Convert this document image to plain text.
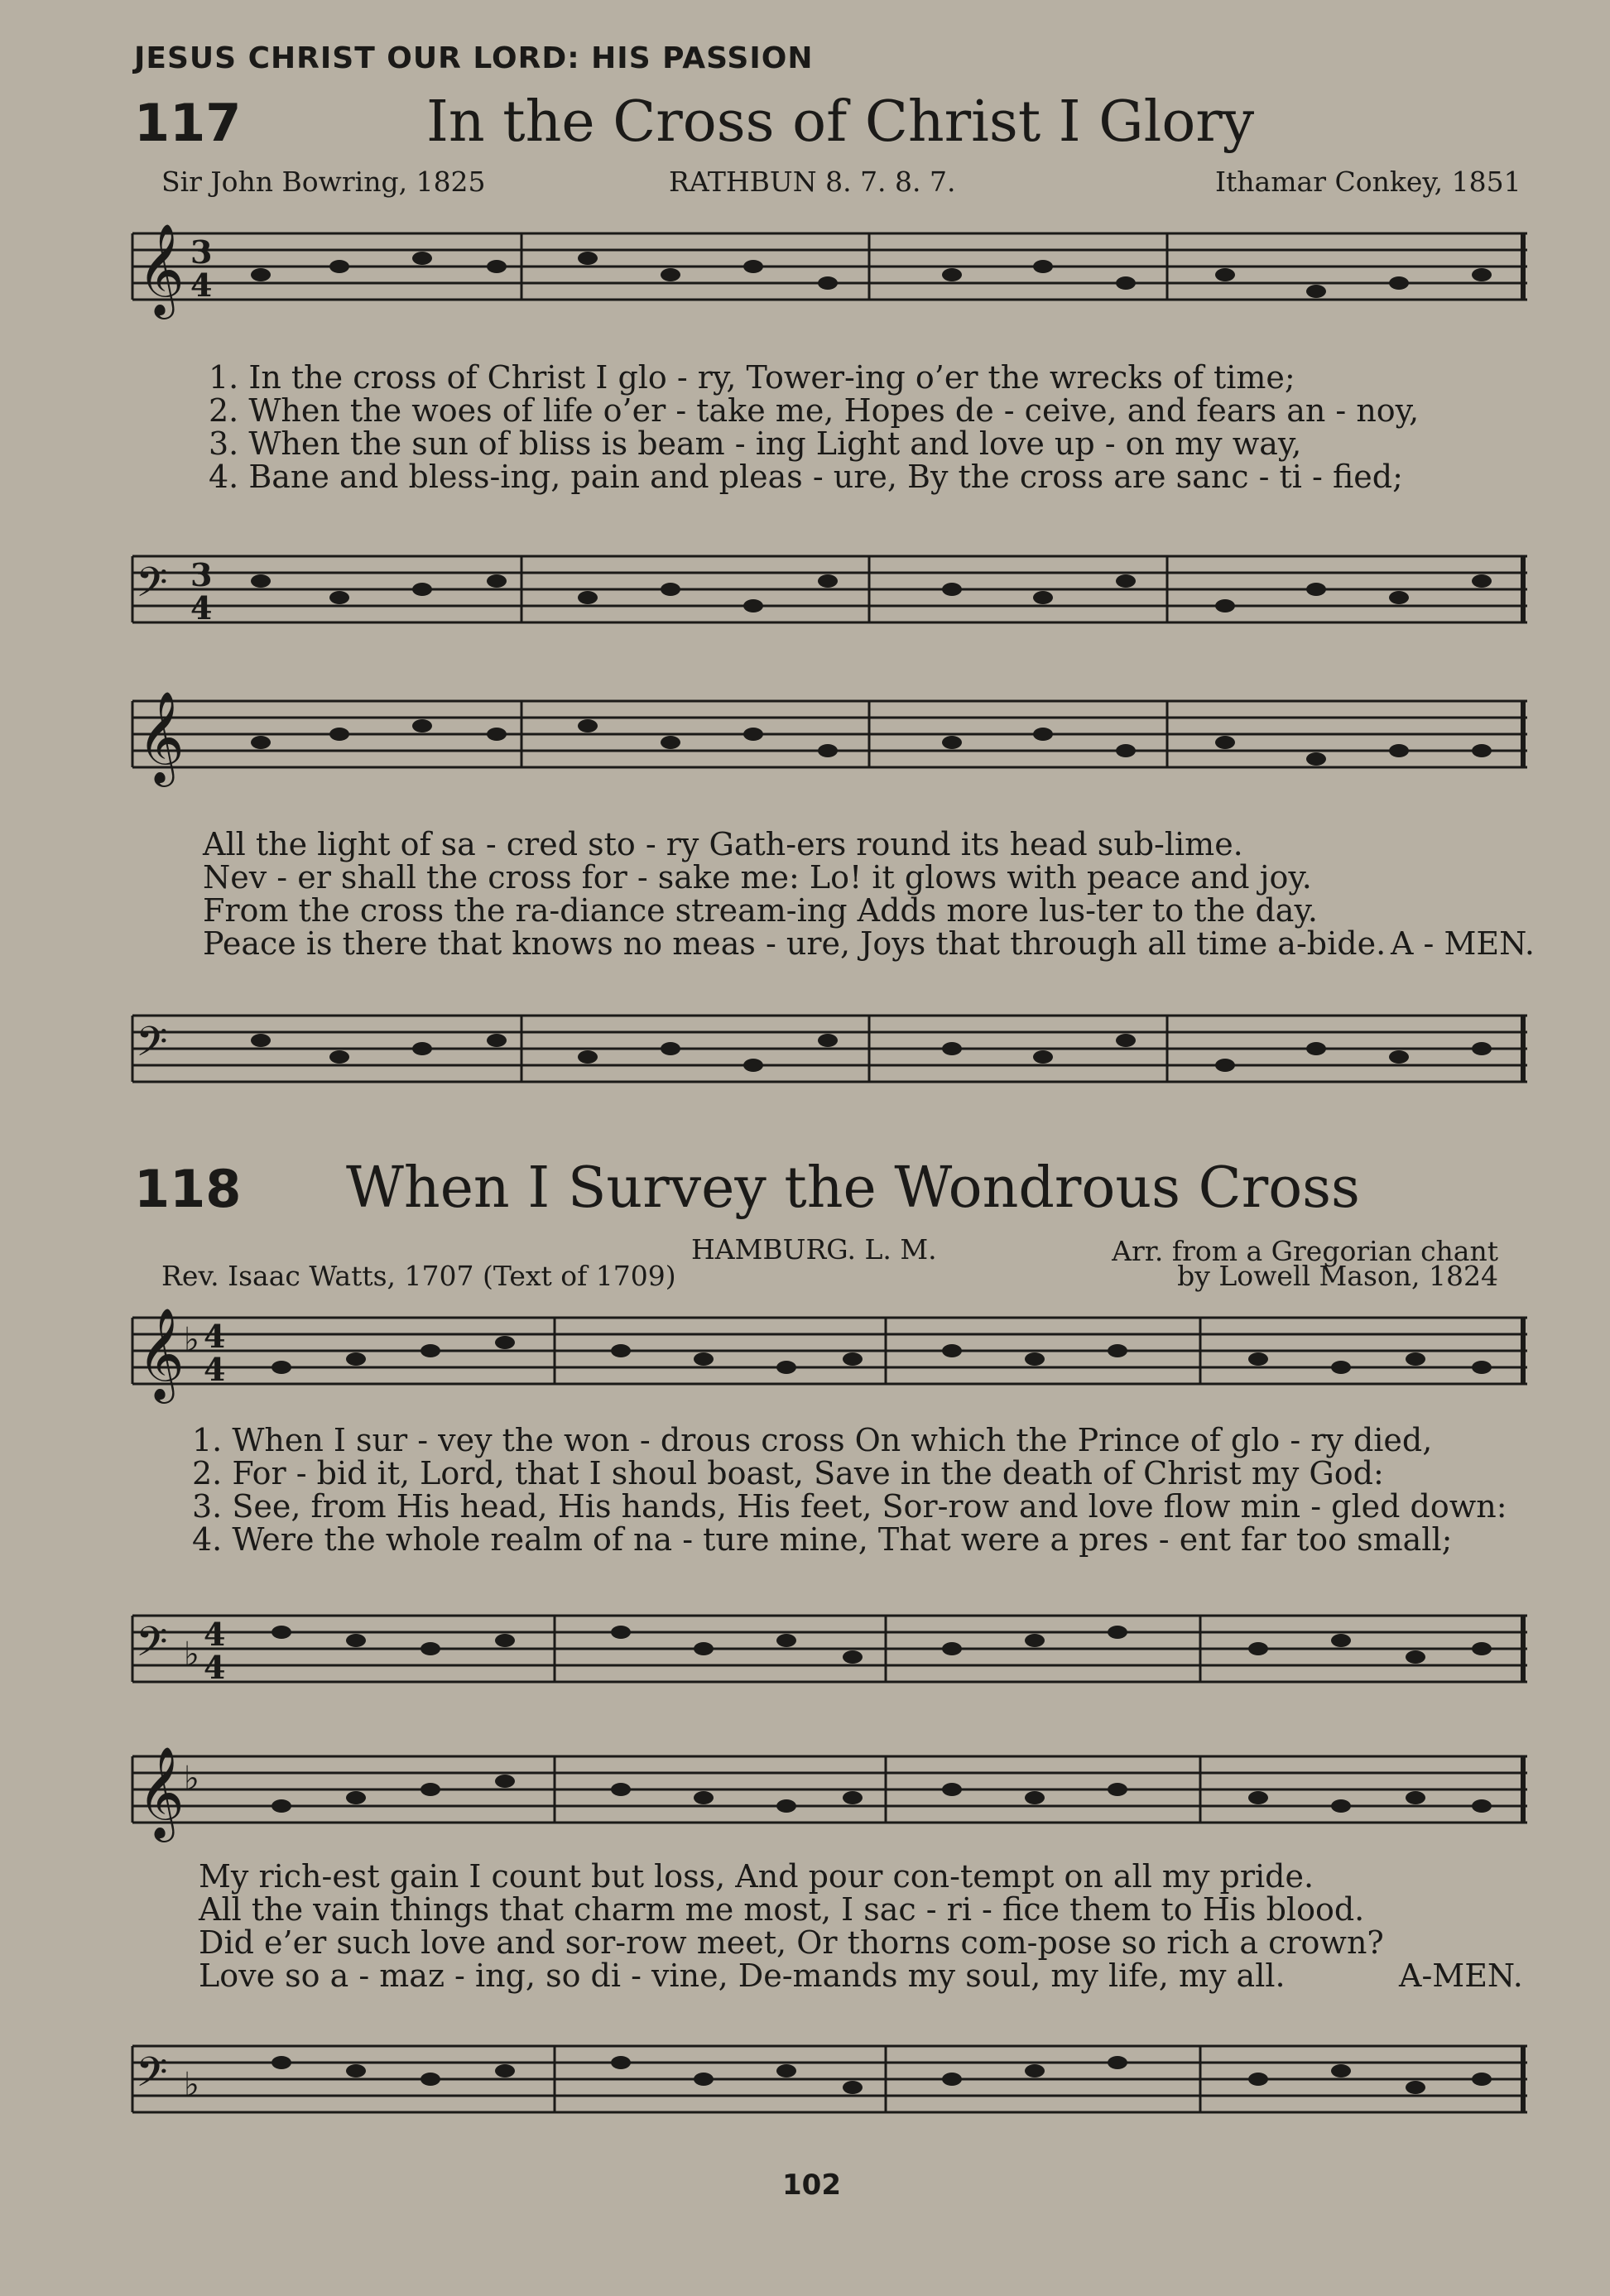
JESUS CHRIST OUR LORD: HIS PASSION
117	In the Cross of Christ I Glory
Sir John Bowring, 1825	RATHBUN 8. 7. 8. 7.	Ithamar Conkey, 1851
𝄞 3
4
1. In the cross of Christ I glo - ry, Tower-ing o’er the wrecks of time;
2. When the woes of life o’er - take me, Hopes de - ceive, and fears an - noy,
3. When the sun of bliss is beam - ing Light and love up - on my way,
4. Bane and bless-ing, pain and pleas - ure, By the cross are sanc - ti - fied;
𝄢 3
4
𝄞
All the light of sa - cred sto - ry Gath-ers round its head sub-lime.
Nev - er shall the cross for - sake me: Lo! it glows with peace and joy.
From the cross the ra-diance stream-ing Adds more lus-ter to the day.
Peace is there that knows no meas - ure, Joys that through all time a-bide. A - MEN.
𝄢
118 When I Survey the Wondrous Cross
HAMBURG. L. M.
Rev. Isaac Watts, 1707 (Text of 1709)
Arr. from a Gregorian chant
by Lowell Mason, 1824
𝄞 ♭ 4
4
1. When I sur - vey the won - drous cross On which the Prince of glo - ry died,
2. For - bid it, Lord, that I shoul boast, Save in the death of Christ my God:
3. See, from His head, His hands, His feet, Sor-row and love flow min - gled down:
4. Were the whole realm of na - ture mine, That were a pres - ent far too small;
𝄢 ♭
4
4
𝄞 ♭
My rich-est gain I count but loss, And pour con-tempt on all my pride.
All the vain things that charm me most, I sac - ri - fice them to His blood.
Did e’er such love and sor-row meet, Or thorns com-pose so rich a crown?
Love so a - maz - ing, so di - vine, De-mands my soul, my life, my all.	A-MEN.
𝄢 ♭
102
